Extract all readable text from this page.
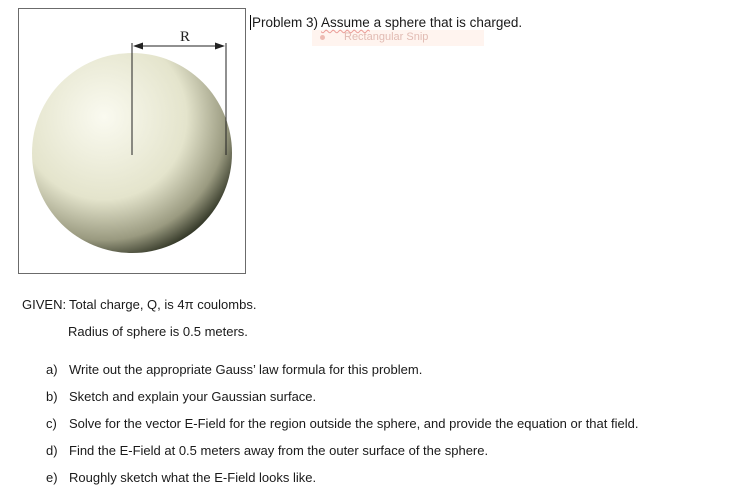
R
Problem 3) Assume a sphere that is charged.
Rectangular Snip
GIVEN: Total charge, Q, is 4π coulombs.
Radius of sphere is 0.5 meters.
a) Write out the appropriate Gauss’ law formula for this problem.
b) Sketch and explain your Gaussian surface.
c) Solve for the vector E-Field for the region outside the sphere, and provide the equation or that field.
d) Find the E-Field at 0.5 meters away from the outer surface of the sphere.
e) Roughly sketch what the E-Field looks like.
